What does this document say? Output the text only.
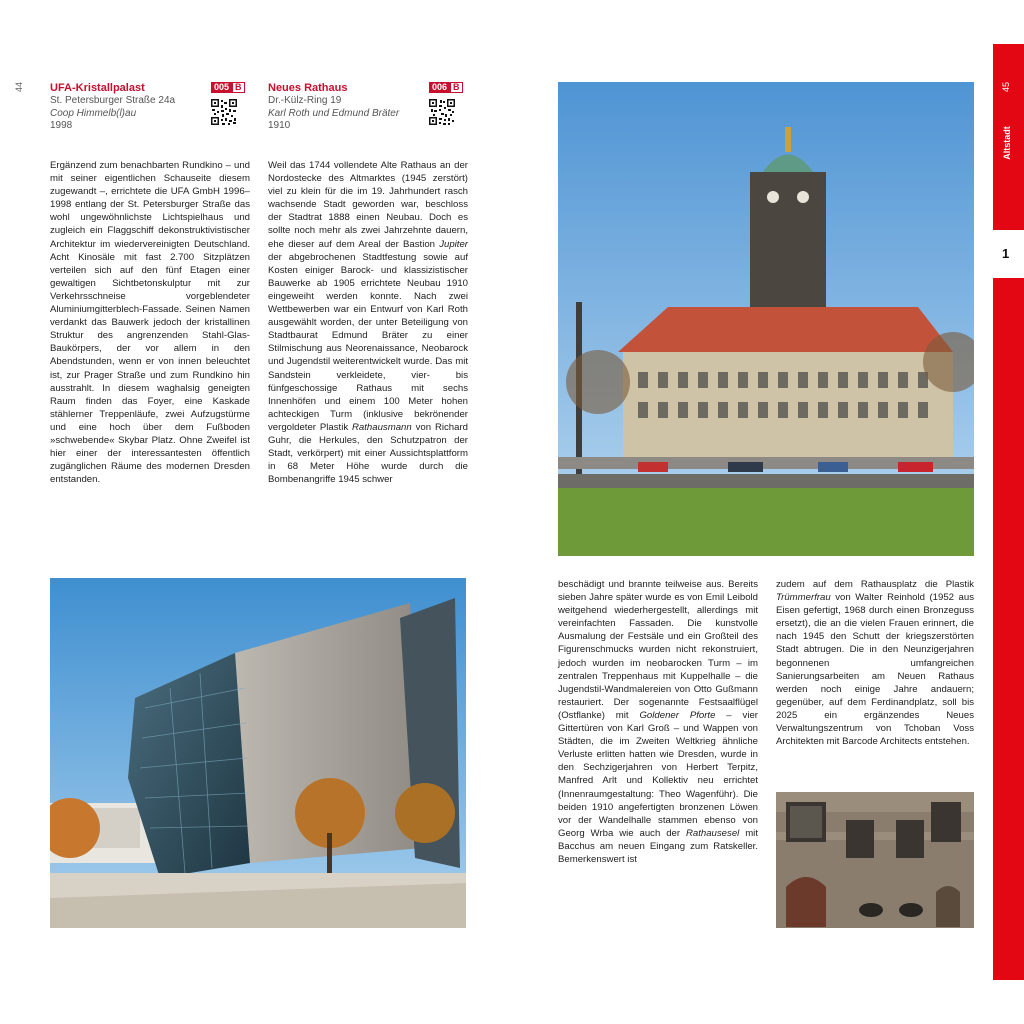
44 UFA-Kristallpalast
St. Petersburger Straße 24a
Coop Himmelb(l)au
1998
005 B Neues Rathaus
Dr.-Külz-Ring 19
Karl Roth und Edmund Bräter
1910
006 B
Ergänzend zum benachbarten Rundkino – und mit seiner eigentlichen Schauseite diesem zugewandt –, errichtete die UFA GmbH 1996–1998 entlang der St. Petersburger Straße das wohl ungewöhnlichste Lichtspielhaus und zugleich ein Flaggschiff dekonstruktivistischer Architektur im wiedervereinigten Deutschland. Acht Kinosäle mit fast 2.700 Sitzplätzen verteilen sich auf den fünf Etagen einer gewaltigen Sichtbetonskulptur mit zur Verkehrsschneise vorgeblendeter Aluminiumgitterblech-Fassade. Seinen Namen verdankt das Bauwerk jedoch der kristallinen Struktur des angrenzenden Stahl-Glas-Baukörpers, der vor allem in den Abendstunden, wenn er von innen beleuchtet ist, zur Prager Straße und zum Rundkino hin ausstrahlt. In diesem waghalsig geneigten Raum finden das Foyer, eine Kaskade stählerner Treppenläufe, zwei Aufzugstürme und eine hoch über dem Fußboden »schwebende« Skybar Platz. Ohne Zweifel ist hier einer der interessantesten öffentlich zugänglichen Räume des modernen Dresden entstanden.
Weil das 1744 vollendete Alte Rathaus an der Nordostecke des Altmarktes (1945 zerstört) viel zu klein für die im 19. Jahrhundert rasch wachsende Stadt geworden war, beschloss der Stadtrat 1888 einen Neubau. Doch es sollte noch mehr als zwei Jahrzehnte dauern, ehe dieser auf dem Areal der Bastion Jupiter der abgebrochenen Stadtfestung sowie auf Kosten einiger Barock- und klassizistischer Bauwerke ab 1905 errichtete Neubau 1910 eingeweiht werden konnte. Nach zwei Wettbewerben war ein Entwurf von Karl Roth ausgewählt worden, der unter Beteiligung von Stadtbaurat Edmund Bräter zu einer Stilmischung aus Neorenaissance, Neobarock und Jugendstil weiterentwickelt wurde. Das mit Sandstein verkleidete, vier- bis fünfgeschossige Rathaus mit sechs Innenhöfen und einem 100 Meter hohen achteckigen Turm (inklusive bekrönender vergoldeter Plastik Rathausmann von Richard Guhr, die Herkules, den Schutzpatron der Stadt, verkörpert) mit einer Aussichtsplattform in 68 Meter Höhe wurde durch die Bombenangriffe 1945 schwer
beschädigt und brannte teilweise aus. Bereits sieben Jahre später wurde es von Emil Leibold weitgehend wiederhergestellt, allerdings mit vereinfachten Fassaden. Die kunstvolle Ausmalung der Festsäle und ein Großteil des Figurenschmucks wurden nicht rekonstruiert, jedoch wurden im neobarocken Turm – im zentralen Treppenhaus mit Kuppelhalle – die Jugendstil-Wandmalereien von Otto Gußmann restauriert. Der sogenannte Festsaalflügel (Ostflanke) mit Goldener Pforte – vier Gittertüren von Karl Groß – und Wappen von Städten, die im Zweiten Weltkrieg ähnliche Verluste erlitten hatten wie Dresden, wurde in den Sechzigerjahren von Herbert Terpitz, Manfred Arlt und Kollektiv neu errichtet (Innenraumgestaltung: Theo Wagenführ). Die beiden 1910 angefertigten bronzenen Löwen vor der Wandelhalle stammen ebenso von Georg Wrba wie auch der Rathausesel mit Bacchus am neuen Eingang zum Ratskeller. Bemerkenswert ist
zudem auf dem Rathausplatz die Plastik Trümmerfrau von Walter Reinhold (1952 aus Eisen gefertigt, 1968 durch einen Bronzeguss ersetzt), die an die vielen Frauen erinnert, die nach 1945 den Schutt der kriegszerstörten Stadt abtrugen. Die in den Neunzigerjahren begonnenen umfangreichen Sanierungsarbeiten am Neuen Rathaus werden noch einige Jahre andauern; gegenüber, auf dem Ferdinandplatz, soll bis 2025 ein ergänzendes Neues Verwaltungszentrum von Tchoban Voss Architekten mit Barcode Architects entstehen.
45
Altstadt
1
